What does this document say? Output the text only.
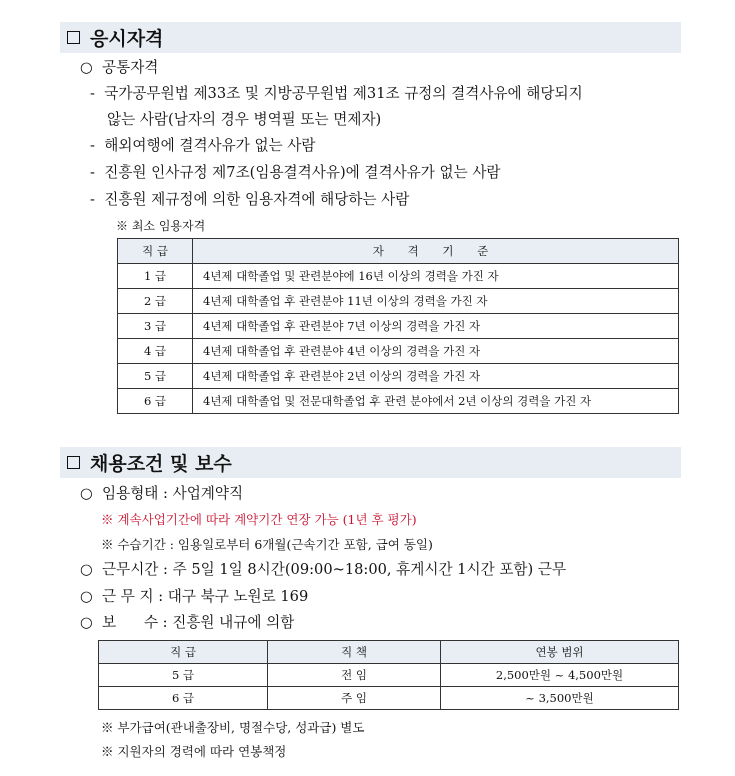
응시자격
○ 공통자격
-  국가공무원법 제33조 및 지방공무원법 제31조 규정의 결격사유에 해당되지
않는 사람(남자의 경우 병역필 또는 면제자)
-  해외여행에 결격사유가 없는 사람
-  진흥원 인사규정 제7조(임용결격사유)에 결격사유가 없는 사람
-  진흥원 제규정에 의한 임용자격에 해당하는 사람
※ 최소 임용자격
직 급	자 격 기 준
1 급	4년제 대학졸업 및 관련분야에 16년 이상의 경력을 가진 자
2 급	4년제 대학졸업 후 관련분야 11년 이상의 경력을 가진 자
3 급	4년제 대학졸업 후 관련분야 7년 이상의 경력을 가진 자
4 급	4년제 대학졸업 후 관련분야 4년 이상의 경력을 가진 자
5 급	4년제 대학졸업 후 관련분야 2년 이상의 경력을 가진 자
6 급	4년제 대학졸업 및 전문대학졸업 후 관련 분야에서 2년 이상의 경력을 가진 자
채용조건 및 보수
○ 임용형태 : 사업계약직
※ 계속사업기간에 따라 계약기간 연장 가능 (1년 후 평가)
※ 수습기간 : 임용일로부터 6개월(근속기간 포함, 급여 동일)
○ 근무시간 : 주 5일 1일 8시간(09:00~18:00, 휴게시간 1시간 포함) 근무
○ 근 무 지 : 대구 북구 노원로 169
○ 보      수 : 진흥원 내규에 의함
직 급	직 책	연봉 범위
5 급	전 임	2,500만원 ~ 4,500만원
6 급	주 임	~ 3,500만원
※ 부가급여(관내출장비, 명절수당, 성과급) 별도
※ 지원자의 경력에 따라 연봉책정
